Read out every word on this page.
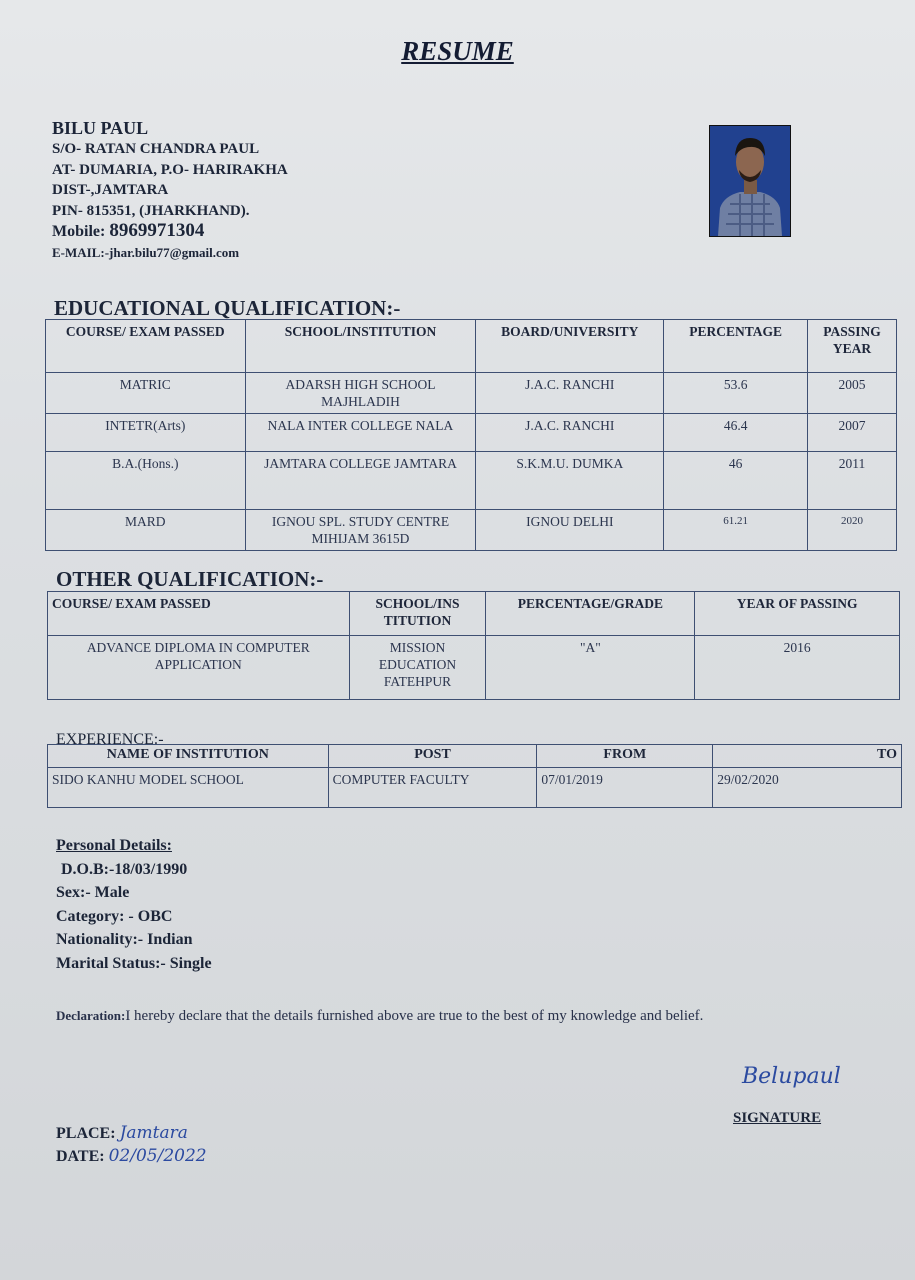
RESUME
BILU PAUL
S/O- RATAN CHANDRA PAUL
AT- DUMARIA, P.O- HARIRAKHA
DIST-,JAMTARA
PIN- 815351, (JHARKHAND).
Mobile: 8969971304
E-MAIL:-jhar.bilu77@gmail.com
EDUCATIONAL QUALIFICATION:-
COURSE/ EXAM PASSED	SCHOOL/INSTITUTION	BOARD/UNIVERSITY	PERCENTAGE	PASSING YEAR
MATRIC	ADARSH HIGH SCHOOL MAJHLADIH	J.A.C. RANCHI	53.6	2005
INTETR(Arts)	NALA INTER COLLEGE NALA	J.A.C. RANCHI	46.4	2007
B.A.(Hons.)	JAMTARA COLLEGE JAMTARA	S.K.M.U. DUMKA	46	2011
MARD	IGNOU SPL. STUDY CENTRE MIHIJAM 3615D	IGNOU DELHI	61.21	2020
OTHER QUALIFICATION:-
COURSE/ EXAM PASSED	SCHOOL/INS TITUTION	PERCENTAGE/GRADE	YEAR OF PASSING
ADVANCE DIPLOMA IN COMPUTER APPLICATION	MISSION EDUCATION FATEHPUR	"A"	2016
EXPERIENCE:-
NAME OF INSTITUTION	POST	FROM	TO
SIDO KANHU MODEL SCHOOL	COMPUTER FACULTY	07/01/2019	29/02/2020
Personal Details:
D.O.B:-18/03/1990
Sex:- Male
Category: - OBC
Nationality:- Indian
Marital Status:- Single
Declaration:I hereby declare that the details furnished above are true to the best of my knowledge and belief.
PLACE: Jamtara
DATE: 02/05/2022
Belupaul
SIGNATURE
